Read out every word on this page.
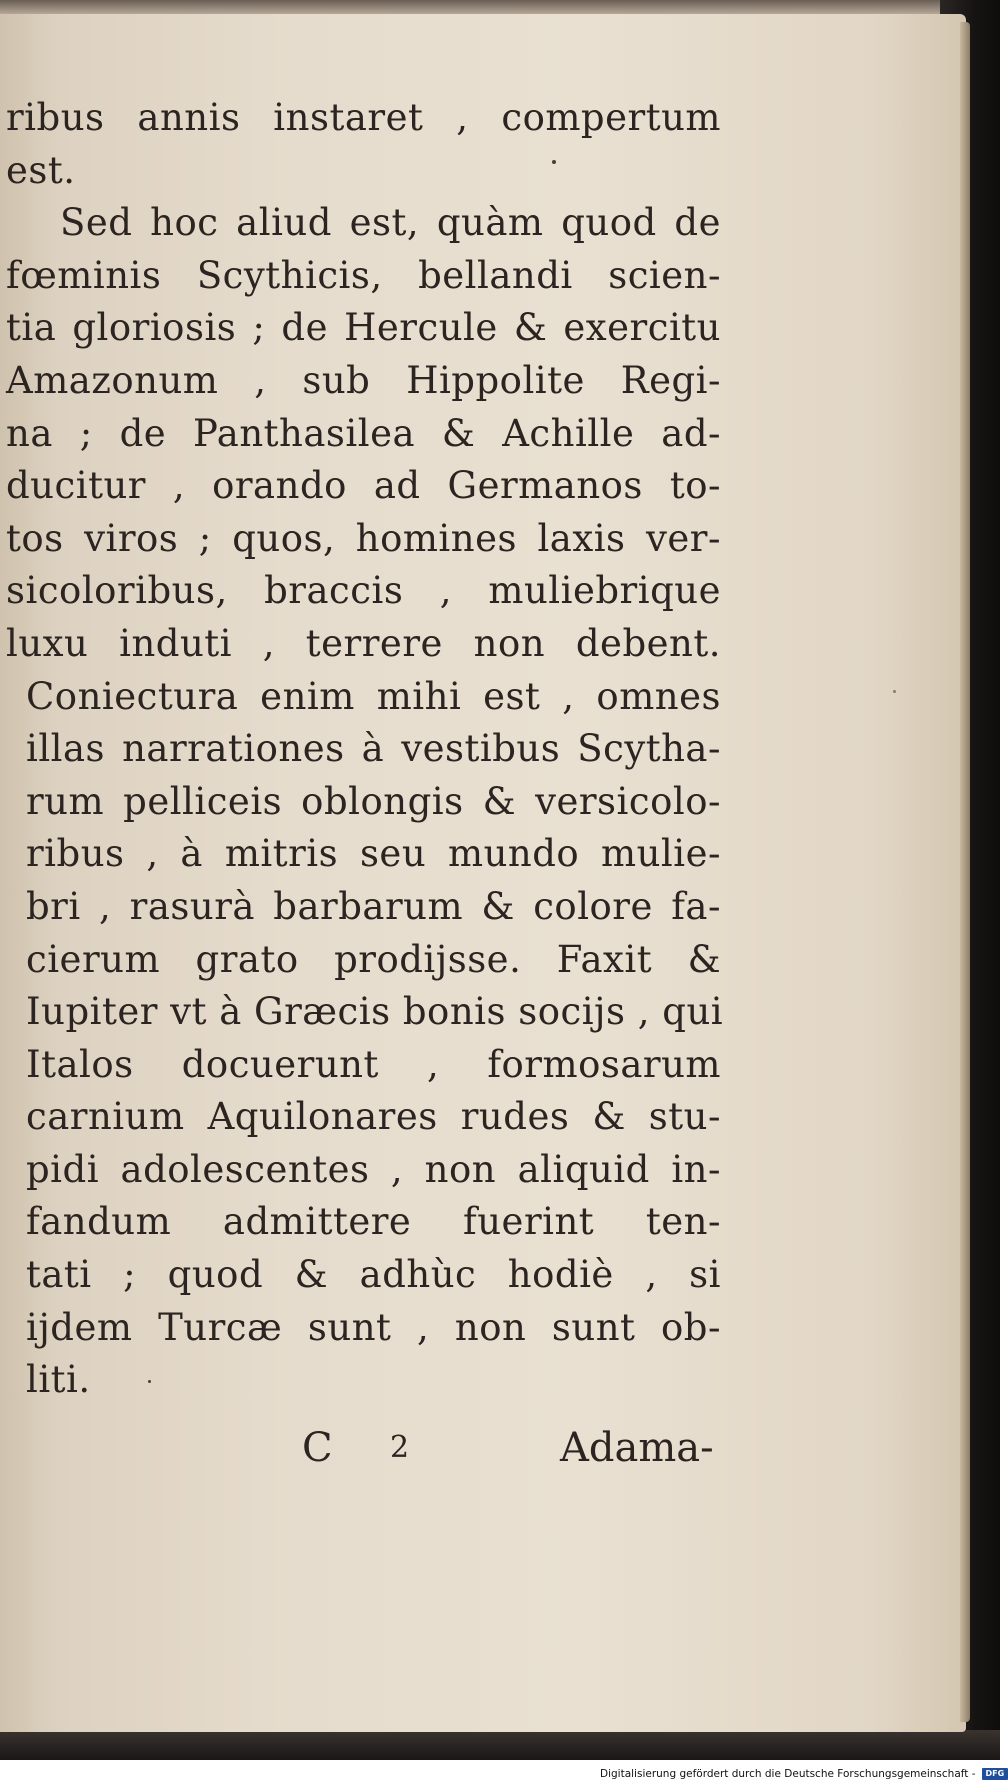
ribus annis instaret , compertum
est.
Sed hoc aliud est, quàm quod de
fœminis Scythicis, bellandi scien-
tia gloriosis ; de Hercule & exercitu
Amazonum , sub Hippolite Regi-
na ; de Panthasilea & Achille ad-
ducitur , orando ad Germanos to-
tos viros ; quos, homines laxis ver-
sicoloribus, braccis , muliebrique
luxu induti , terrere non debent.
Coniectura enim mihi est , omnes
illas narrationes à vestibus Scytha-
rum pelliceis oblongis & versicolo-
ribus , à mitris seu mundo mulie-
bri , rasurà barbarum & colore fa-
cierum grato prodijsse. Faxit &
Iupiter vt à Græcis bonis socijs , qui
Italos docuerunt , formosarum
carnium Aquilonares rudes & stu-
pidi adolescentes , non aliquid in-
fandum admittere fuerint ten-
tati ; quod & adhùc hodiè , si
ijdem Turcæ sunt , non sunt ob-
liti.
C 2	Adama-
Digitalisierung gefördert durch die Deutsche Forschungsgemeinschaft - DFG
